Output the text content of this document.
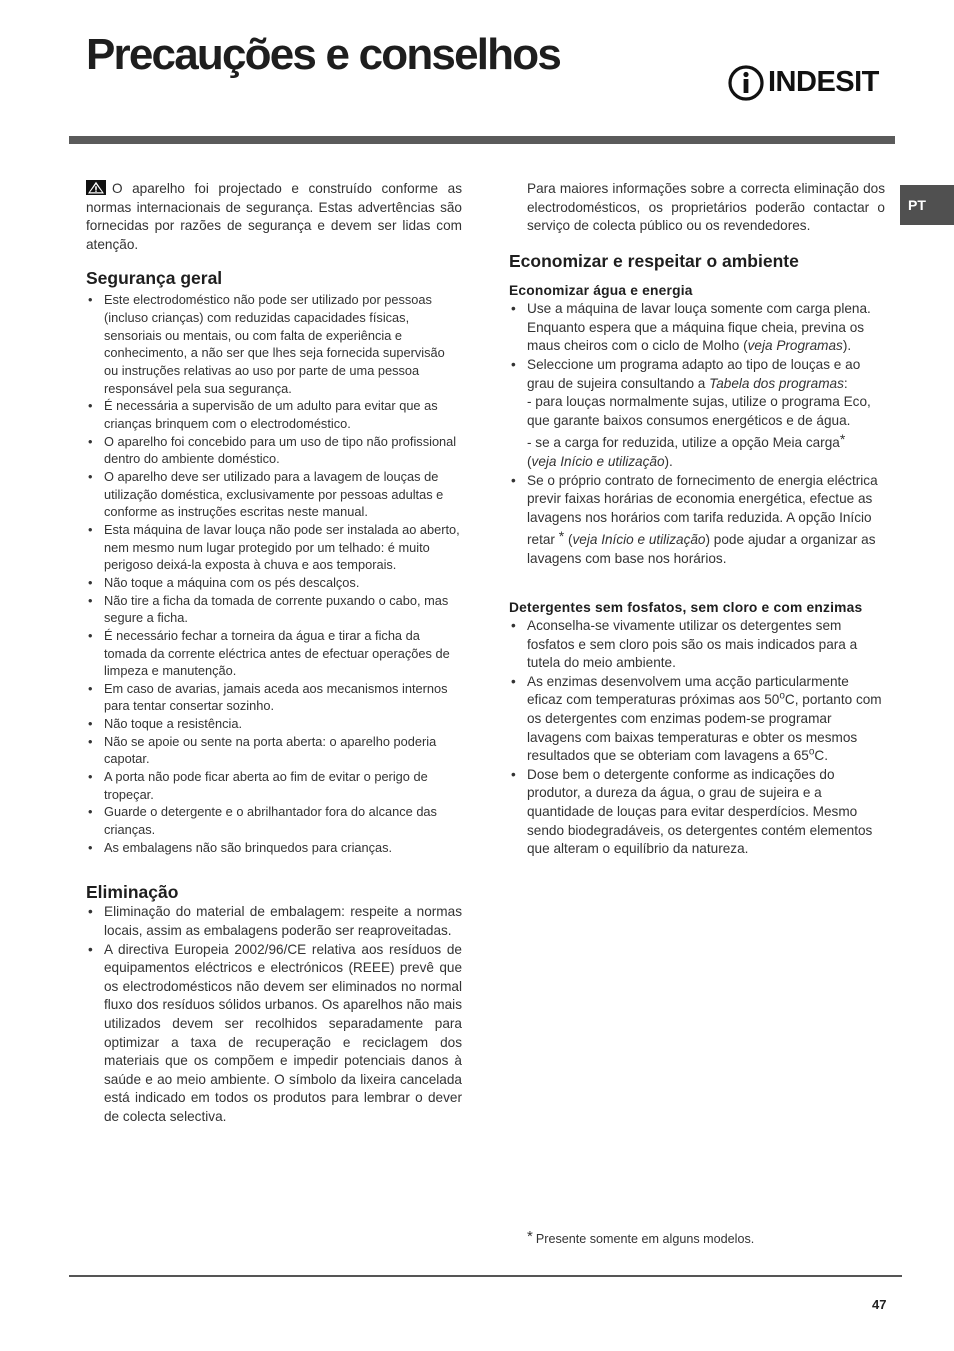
Precauções e conselhos
INDESIT
PT

O aparelho foi projectado e construído conforme as normas internacionais de segurança. Estas advertências são fornecidas por razões de segurança e devem ser lidas com atenção.

Segurança geral
• Este electrodoméstico não pode ser utilizado por pessoas (incluso crianças) com reduzidas capacidades físicas, sensoriais ou mentais, ou com falta de experiência e conhecimento, a não ser que lhes seja fornecida supervisão ou instruções relativas ao uso por parte de uma pessoa responsável pela sua segurança.
• É necessária a supervisão de um adulto para evitar que as crianças brinquem com o electrodoméstico.
• O aparelho foi concebido para um uso de tipo não profissional dentro do ambiente doméstico.
• O aparelho deve ser utilizado para a lavagem de louças de utilização doméstica, exclusivamente por pessoas adultas e conforme as instruções escritas neste manual.
• Esta máquina de lavar louça não pode ser instalada ao aberto, nem mesmo num lugar protegido por um telhado: é muito perigoso deixá-la exposta à chuva e aos temporais.
• Não toque a máquina com os pés descalços.
• Não tire a ficha da tomada de corrente puxando o cabo, mas segure a ficha.
• É necessário fechar a torneira da água e tirar a ficha da tomada da corrente eléctrica antes de efectuar operações de limpeza e manutenção.
• Em caso de avarias, jamais aceda aos mecanismos internos para tentar consertar sozinho.
• Não toque a resistência.
• Não se apoie ou sente na porta aberta: o aparelho poderia capotar.
• A porta não pode ficar aberta ao fim de evitar o perigo de tropeçar.
• Guarde o detergente e o abrilhantador fora do alcance das crianças.
• As embalagens não são brinquedos para crianças.
Eliminação
• Eliminação do material de embalagem: respeite a normas locais, assim as embalagens poderão ser reaproveitadas.
• A directiva Europeia 2002/96/CE relativa aos resíduos de equipamentos eléctricos e electrónicos (REEE) prevê que os electrodomésticos não devem ser eliminados no normal fluxo dos resíduos sólidos urbanos. Os aparelhos não mais utilizados devem ser recolhidos separadamente para optimizar a taxa de recuperação e reciclagem dos materiais que os compõem e impedir potenciais danos à saúde e ao meio ambiente. O símbolo da lixeira cancelada está indicado em todos os produtos para lembrar o dever de colecta selectiva.

Para maiores informações sobre a correcta eliminação dos electrodomésticos, os proprietários poderão contactar o serviço de colecta público ou os revendedores.

Economizar e respeitar o ambiente
Economizar água e energia
• Use a máquina de lavar louça somente com carga plena. Enquanto espera que a máquina fique cheia, previna os maus cheiros com o ciclo de Molho (veja Programas).
• Seleccione um programa adapto ao tipo de louças e ao grau de sujeira consultando a Tabela dos programas:
- para louças normalmente sujas, utilize o programa Eco, que garante baixos consumos energéticos e de água.
- se a carga for reduzida, utilize a opção Meia carga*
(veja Início e utilização).
• Se o próprio contrato de fornecimento de energia eléctrica previr faixas horárias de economia energética, efectue as lavagens nos horários com tarifa reduzida. A opção Início retar * (veja Início e utilização) pode ajudar a organizar as lavagens com base nos horários.
Detergentes sem fosfatos, sem cloro e com enzimas
• Aconselha-se vivamente utilizar os detergentes sem fosfatos e sem cloro pois são os mais indicados para a tutela do meio ambiente.
• As enzimas desenvolvem uma acção particularmente eficaz com temperaturas próximas aos 50$^o$C, portanto com os detergentes com enzimas podem-se programar lavagens com baixas temperaturas e obter os mesmos resultados que se obteriam com lavagens a 65$^o$C.
• Dose bem o detergente conforme as indicações do produtor, a dureza da água, o grau de sujeira e a quantidade de louças para evitar desperdícios. Mesmo sendo biodegradáveis, os detergentes contém elementos que alteram o equilíbrio da natureza.
* Presente somente em alguns modelos.
47
